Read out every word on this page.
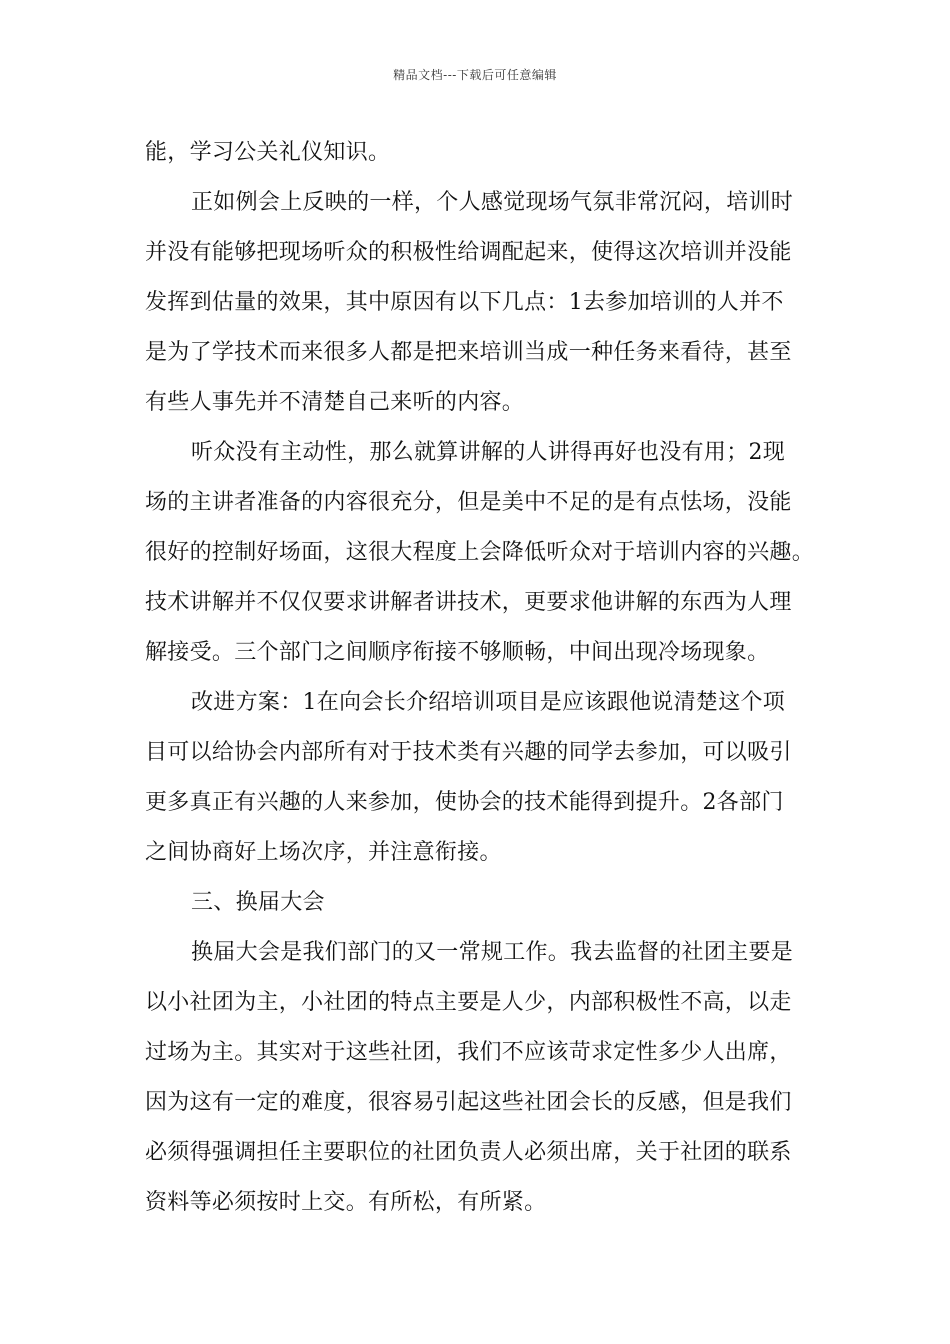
精品文档---下载后可任意编辑
能，学习公关礼仪知识。
正如例会上反映的一样，个人感觉现场气氛非常沉闷，培训时
并没有能够把现场听众的积极性给调配起来，使得这次培训并没能
发挥到估量的效果，其中原因有以下几点：1去参加培训的人并不
是为了学技术而来很多人都是把来培训当成一种任务来看待，甚至
有些人事先并不清楚自己来听的内容。
听众没有主动性，那么就算讲解的人讲得再好也没有用；2现
场的主讲者准备的内容很充分，但是美中不足的是有点怯场，没能
很好的控制好场面，这很大程度上会降低听众对于培训内容的兴趣。
技术讲解并不仅仅要求讲解者讲技术，更要求他讲解的东西为人理
解接受。三个部门之间顺序衔接不够顺畅，中间出现冷场现象。
改进方案：1在向会长介绍培训项目是应该跟他说清楚这个项
目可以给协会内部所有对于技术类有兴趣的同学去参加，可以吸引
更多真正有兴趣的人来参加，使协会的技术能得到提升。2各部门
之间协商好上场次序，并注意衔接。
三、换届大会
换届大会是我们部门的又一常规工作。我去监督的社团主要是
以小社团为主，小社团的特点主要是人少，内部积极性不高，以走
过场为主。其实对于这些社团，我们不应该苛求定性多少人出席，
因为这有一定的难度，很容易引起这些社团会长的反感，但是我们
必须得强调担任主要职位的社团负责人必须出席，关于社团的联系
资料等必须按时上交。有所松，有所紧。
